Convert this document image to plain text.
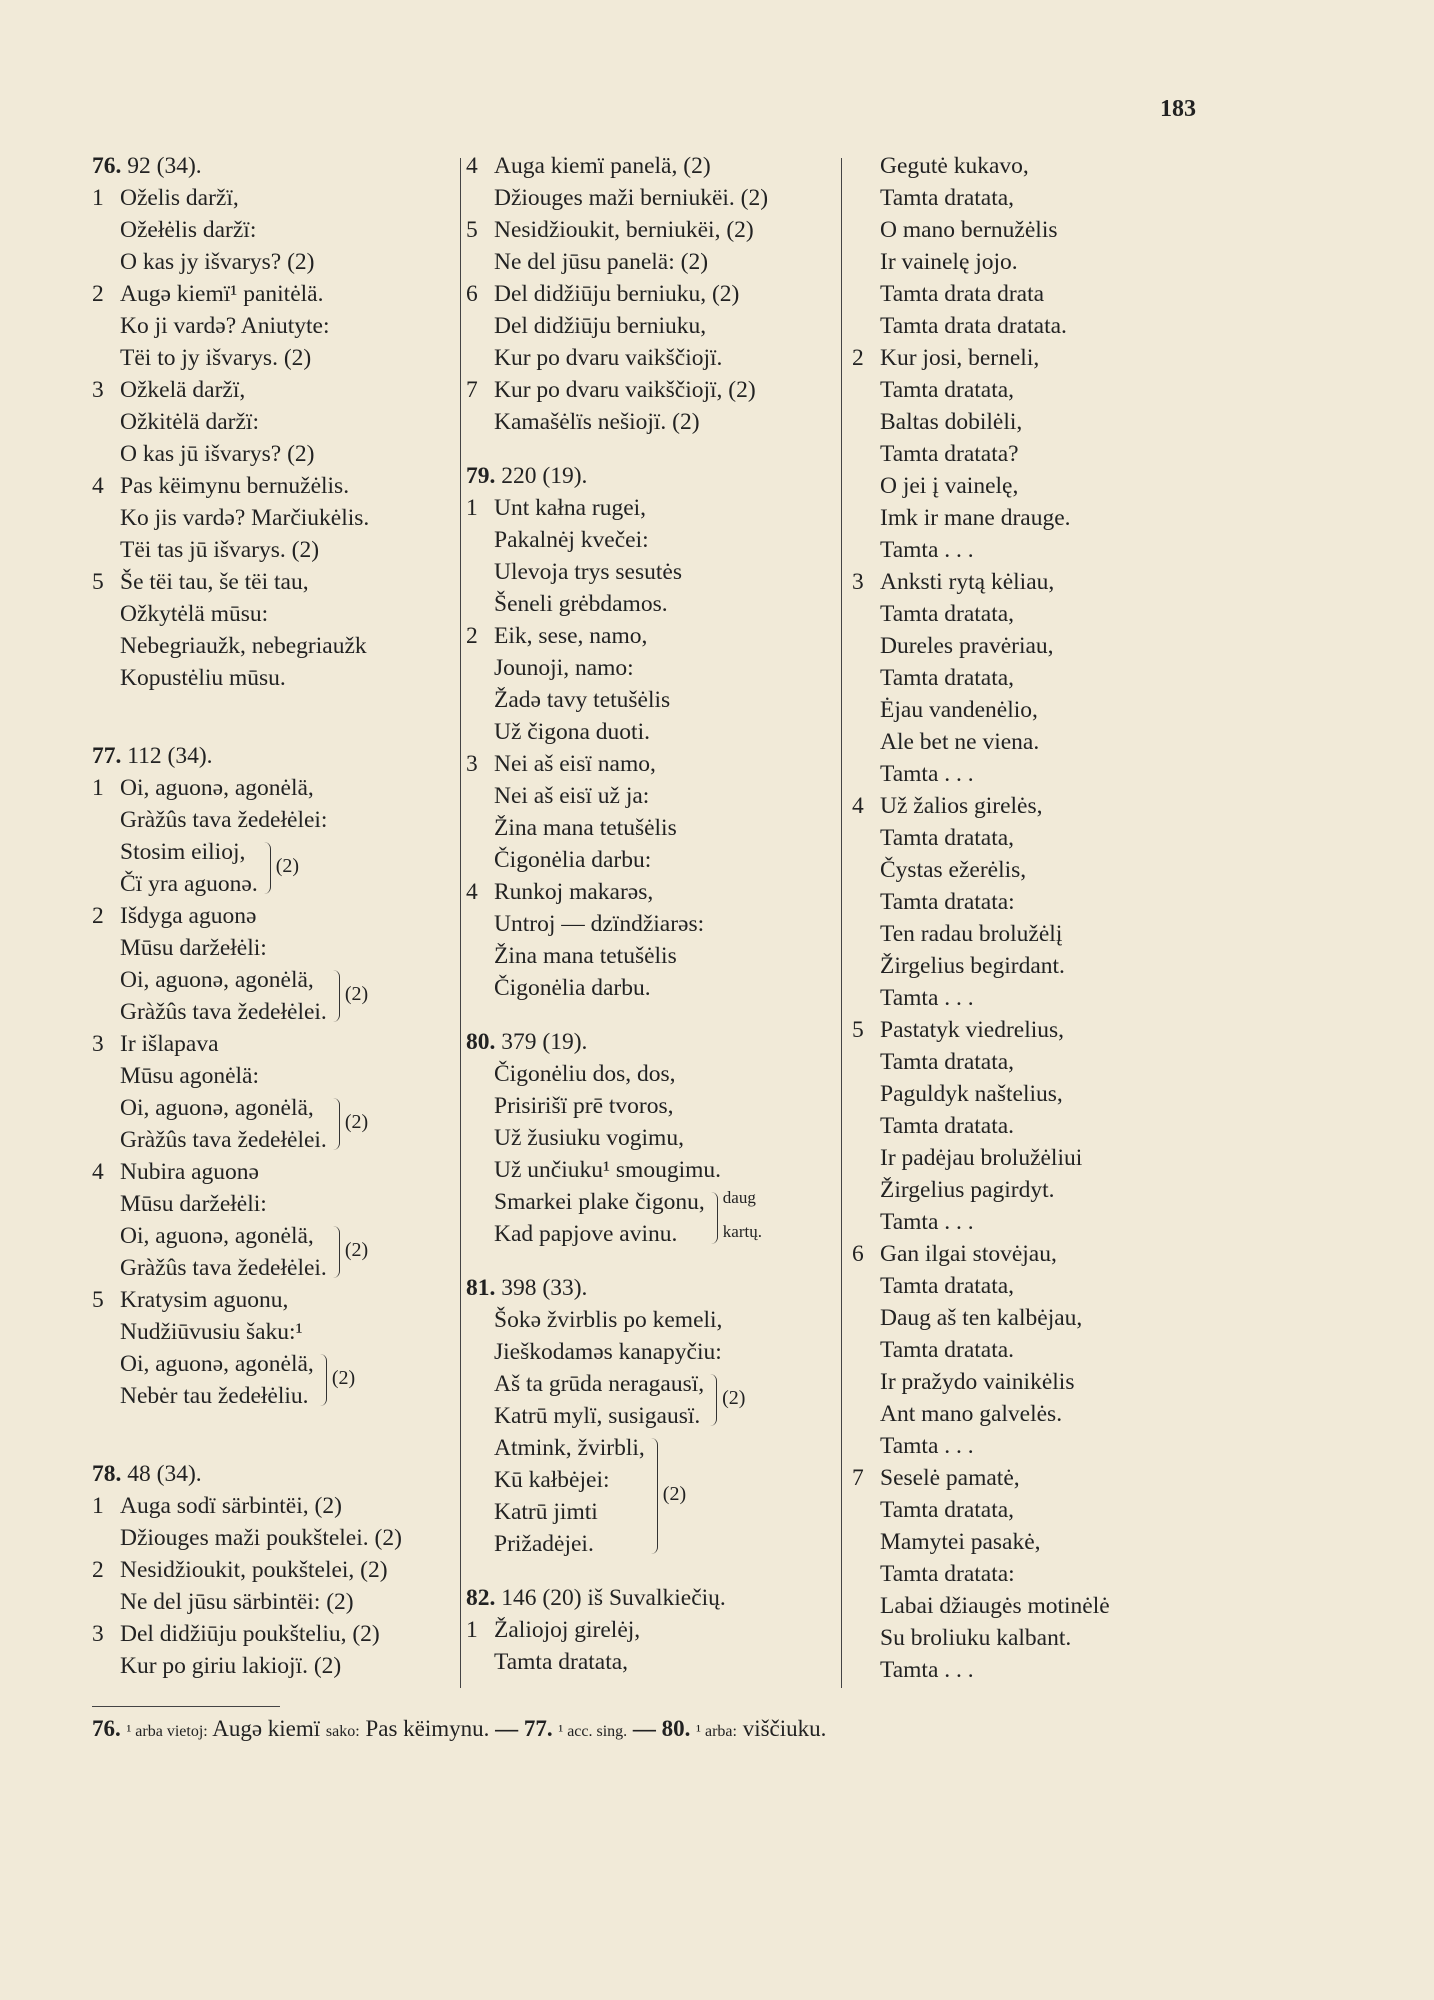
183
76. 92 (34).
1 Oželis daržï,
Ožełėlis daržï:
O kas jy išvarys? (2)
2 Augə kiemï¹ panitėlä.
Ko ji vardə? Aniutyte:
Tëi to jy išvarys. (2)
3 Ožkelä daržï,
Ožkitėlä daržï:
O kas jū išvarys? (2)
4 Pas këimynu bernužėlis.
Ko jis vardə? Marčiukėlis.
Tëi tas jū išvarys. (2)
5 Še tëi tau, še tëi tau,
Ožkytėlä mūsu:
Nebegriaužk, nebegriaužk
Kopustėliu mūsu.
77. 112 (34).
1 Oi, aguonə, agonėlä,
Gràžûs tava žedełėlei:
Stosim eilioj,
Čï yra aguonə.
2 Išdyga aguonə
Mūsu daržełėli:
Oi, aguonə, agonėlä,
Gràžûs tava žedełėlei.
3 Ir išlapava
Mūsu agonėlä:
Oi, aguonə, agonėlä,
Gràžûs tava žedełėlei.
4 Nubira aguonə
Mūsu daržełėli:
Oi, aguonə, agonėlä,
Gràžûs tava žedełėlei.
5 Kratysim aguonu,
Nudžiūvusiu šaku:¹
Oi, aguonə, agonėlä,
Nebėr tau žedełėliu.
78. 48 (34).
1 Auga sodï särbintëi, (2)
Džiouges maži poukštelei. (2)
2 Nesidžioukit, poukštelei, (2)
Ne del jūsu särbintëi: (2)
3 Del didžiūju poukšteliu, (2)
Kur po giriu lakiojï. (2)
(2)
(2)
(2)
(2)
(2)
4 Auga kiemï panelä, (2)
Džiouges maži berniukëi. (2)
5 Nesidžioukit, berniukëi, (2)
Ne del jūsu panelä: (2)
6 Del didžiūju berniuku, (2)
Del didžiūju berniuku,
Kur po dvaru vaikščiojï.
7 Kur po dvaru vaikščiojï, (2)
Kamašėlïs nešiojï. (2)
79. 220 (19).
1 Unt kałna rugei,
Pakalnėj kvečei:
Ulevoja trys sesutės
Šeneli grėbdamos.
2 Eik, sese, namo,
Jounoji, namo:
Žadə tavy tetušėlis
Už čigona duoti.
3 Nei aš eisï namo,
Nei aš eisï už ja:
Žina mana tetušėlis
Čigonėlia darbu:
4 Runkoj makarəs,
Untroj — dzïndžiarəs:
Žina mana tetušėlis
Čigonėlia darbu.
80. 379 (19).
Čigonėliu dos, dos,
Prisirišï prē tvoros,
Už žusiuku vogimu,
Už unčiuku¹ smougimu.
Smarkei plake čigonu,
Kad papjove avinu.
81. 398 (33).
Šokə žvirblis po kemeli,
Jieškodaməs kanapyčiu:
Aš ta grūda neragausï,
Katrū mylï, susigausï.
Atmink, žvirbli,
Kū kałbėjei:
Katrū jimti
Prižadėjei.
82. 146 (20) iš Suvalkiečių.
1 Žaliojoj girelėj,
Tamta dratata,
daug
kartų.
(2)
(2)
Gegutė kukavo,
Tamta dratata,
O mano bernužėlis
Ir vainelę jojo.
Tamta drata drata
Tamta drata dratata.
2 Kur josi, berneli,
Tamta dratata,
Baltas dobilėli,
Tamta dratata?
O jei į vainelę,
Imk ir mane drauge.
Tamta . . .
3 Anksti rytą kėliau,
Tamta dratata,
Dureles pravėriau,
Tamta dratata,
Ėjau vandenėlio,
Ale bet ne viena.
Tamta . . .
4 Už žalios girelės,
Tamta dratata,
Čystas ežerėlis,
Tamta dratata:
Ten radau brolužėlį
Žirgelius begirdant.
Tamta . . .
5 Pastatyk viedrelius,
Tamta dratata,
Paguldyk naštelius,
Tamta dratata.
Ir padėjau brolužėliui
Žirgelius pagirdyt.
Tamta . . .
6 Gan ilgai stovėjau,
Tamta dratata,
Daug aš ten kalbėjau,
Tamta dratata.
Ir pražydo vainikėlis
Ant mano galvelės.
Tamta . . .
7 Seselė pamatė,
Tamta dratata,
Mamytei pasakė,
Tamta dratata:
Labai džiaugės motinėlė
Su broliuku kalbant.
Tamta . . .
76. ¹ arba vietoj: Augə kiemï sako: Pas këimynu. — 77. ¹ acc. sing. — 80. ¹ arba: viščiuku.
